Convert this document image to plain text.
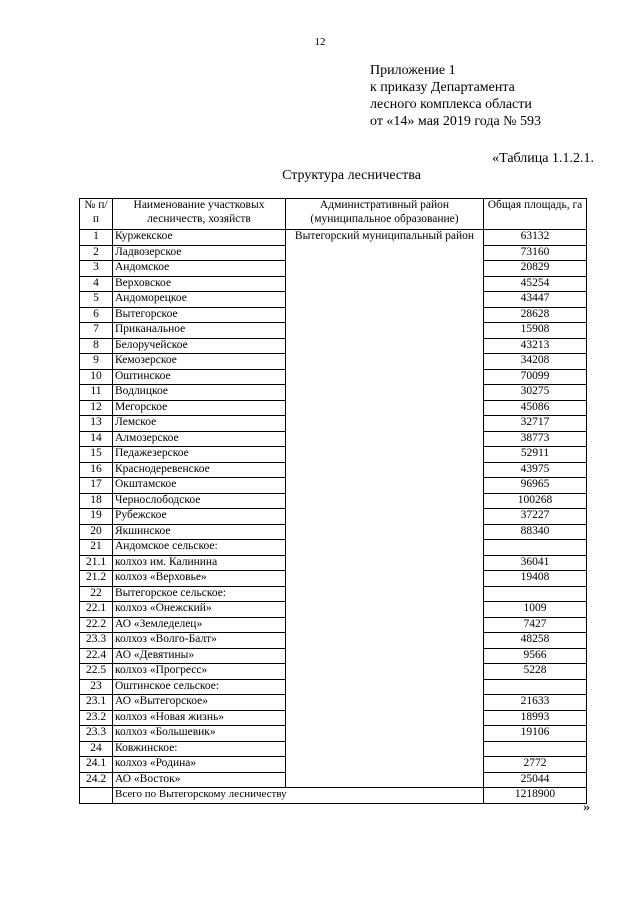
12
Приложение 1
к приказу Департамента
лесного комплекса области
от «14» мая 2019 года № 593
«Таблица 1.1.2.1.
Структура лесничества
№ п/п	Наименование участковых лесничеств, хозяйств	Административный район (муниципальное образование)	Общая площадь, га
1	Куржекское	Вытегорский муниципальный район	63132
2	Ладвозерское		73160
3	Андомское		20829
4	Верховское		45254
5	Андоморецкое		43447
6	Вытегорское		28628
7	Приканальное		15908
8	Белоручейское		43213
9	Кемозерское		34208
10	Оштинское		70099
11	Водлицкое		30275
12	Мегорское		45086
13	Лемское		32717
14	Алмозерское		38773
15	Педажезерское		52911
16	Краснодеревенское		43975
17	Окштамское		96965
18	Чернослободское		100268
19	Рубежское		37227
20	Якшинское		88340
21	Андомское сельское:		
21.1	колхоз им. Калинина		36041
21.2	колхоз «Верховье»		19408
22	Вытегорское сельское:		
22.1	колхоз «Онежский»		1009
22.2	АО «Земледелец»		7427
23.3	колхоз «Волго-Балт»		48258
22.4	АО «Девятины»		9566
22.5	колхоз «Прогресс»		5228
23	Оштинское сельское:		
23.1	АО «Вытегорское»		21633
23.2	колхоз «Новая жизнь»		18993
23.3	колхоз «Большевик»		19106
24	Ковжинское:		
24.1	колхоз «Родина»		2772
24.2	АО «Восток»		25044
	Всего по Вытегорскому лесничеству		1218900
»
